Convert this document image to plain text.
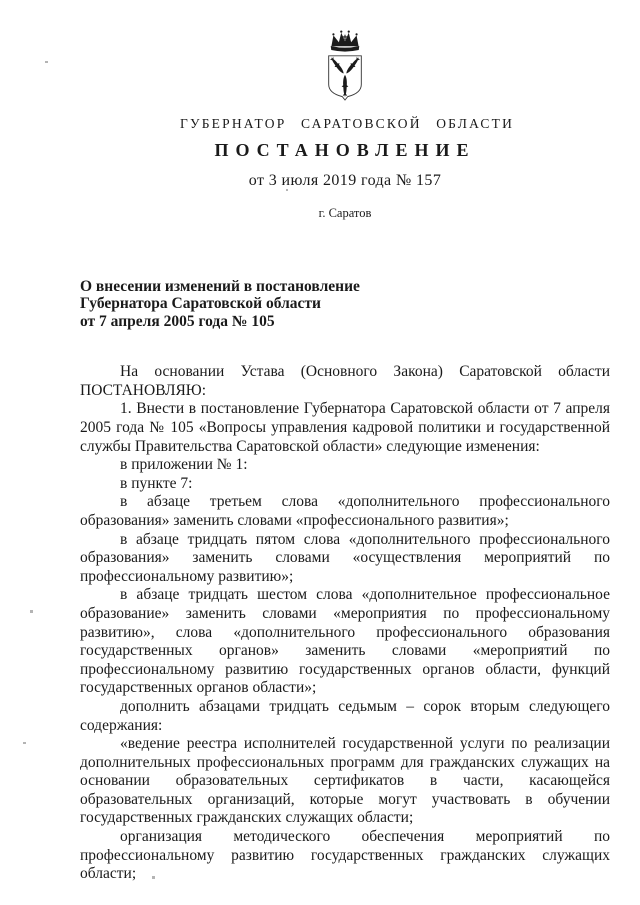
ГУБЕРНАТОР САРАТОВСКОЙ ОБЛАСТИ
ПОСТАНОВЛЕНИЕ
от 3 июля 2019 года № 157
г. Саратов
О внесении изменений в постановление
Губернатора Саратовской области
от 7 апреля 2005 года № 105

На основании Устава (Основного Закона) Саратовской области ПОСТАНОВЛЯЮ:

1. Внести в постановление Губернатора Саратовской области от 7 апреля 2005 года № 105 «Вопросы управления кадровой политики и государственной службы Правительства Саратовской области» следующие изменения:

в приложении № 1:

в пункте 7:

в абзаце третьем слова «дополнительного профессионального образования» заменить словами «профессионального развития»;

в абзаце тридцать пятом слова «дополнительного профессионального образования» заменить словами «осуществления мероприятий по профессиональному развитию»;

в абзаце тридцать шестом слова «дополнительное профессиональное образование» заменить словами «мероприятия по профессиональному развитию», слова «дополнительного профессионального образования государственных органов» заменить словами «мероприятий по профессиональному развитию государственных органов области, функций государственных органов области»;

дополнить абзацами тридцать седьмым – сорок вторым следующего содержания:

«ведение реестра исполнителей государственной услуги по реализации дополнительных профессиональных программ для гражданских служащих на основании образовательных сертификатов в части, касающейся образовательных организаций, которые могут участвовать в обучении государственных гражданских служащих области;

организация методического обеспечения мероприятий по профессиональному развитию государственных гражданских служащих области;
